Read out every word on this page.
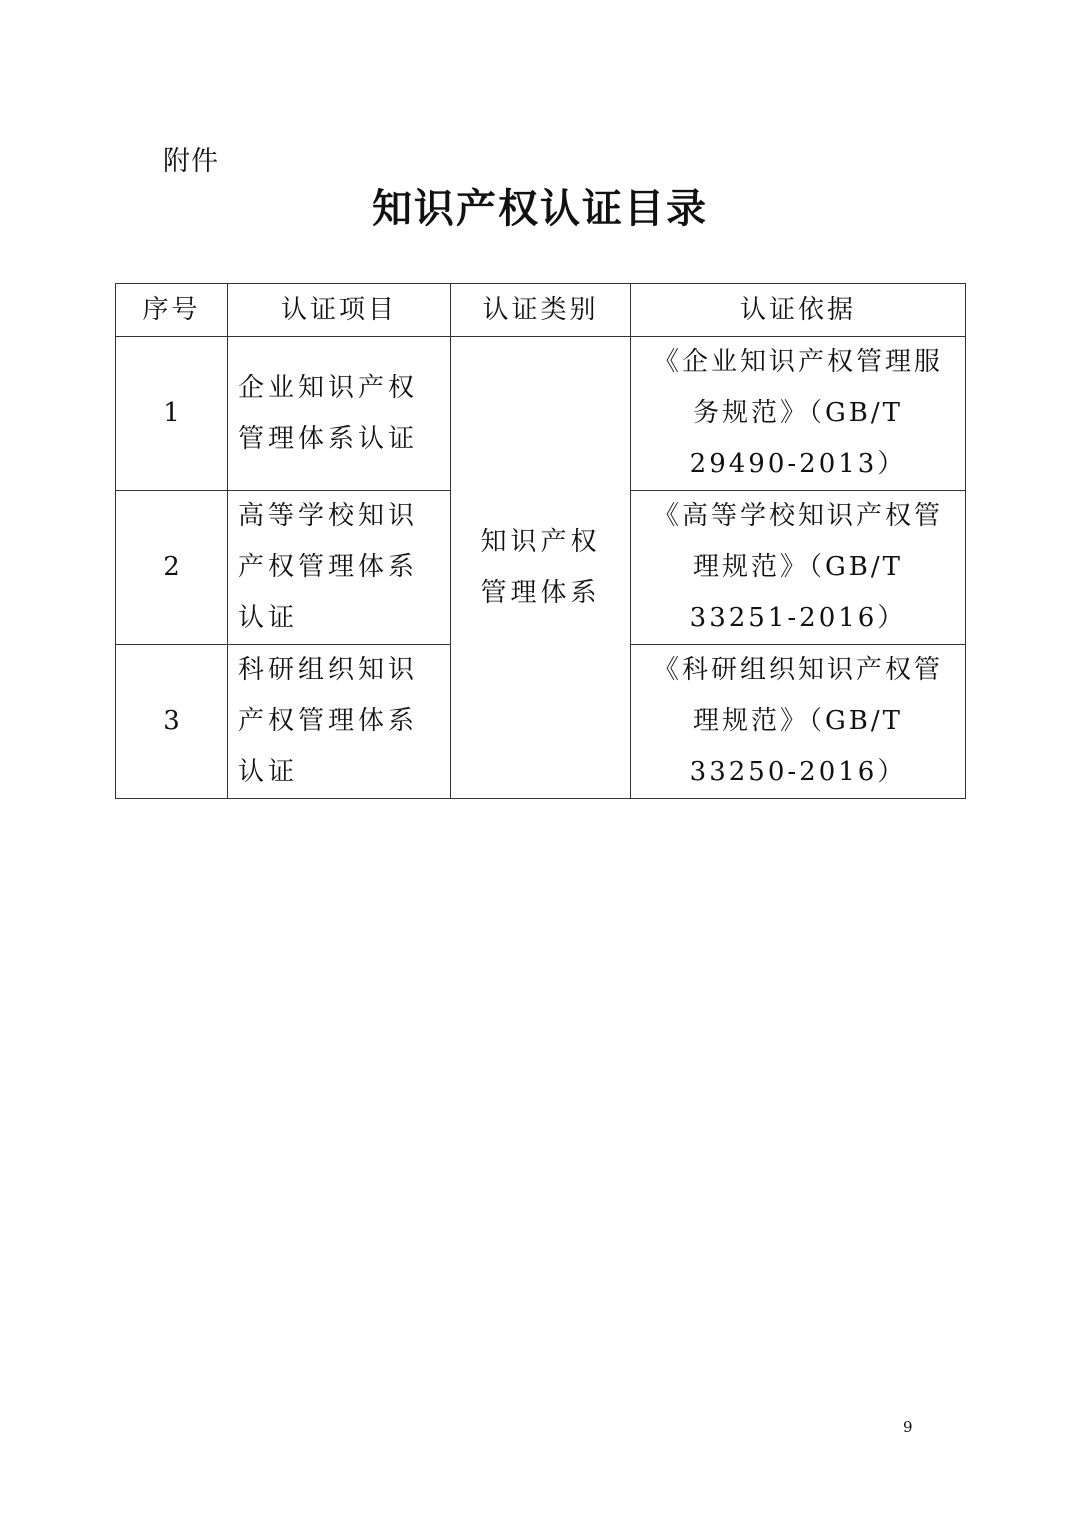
附件
知识产权认证目录
序号	认证项目	认证类别	认证依据
1	企业知识产权管理体系认证	知识产权管理体系	《企业知识产权管理服务规范》（GB/T 29490-2013）
2	高等学校知识产权管理体系认证		《高等学校知识产权管理规范》（GB/T 33251-2016）
3	科研组织知识产权管理体系认证		《科研组织知识产权管理规范》（GB/T 33250-2016）
9
